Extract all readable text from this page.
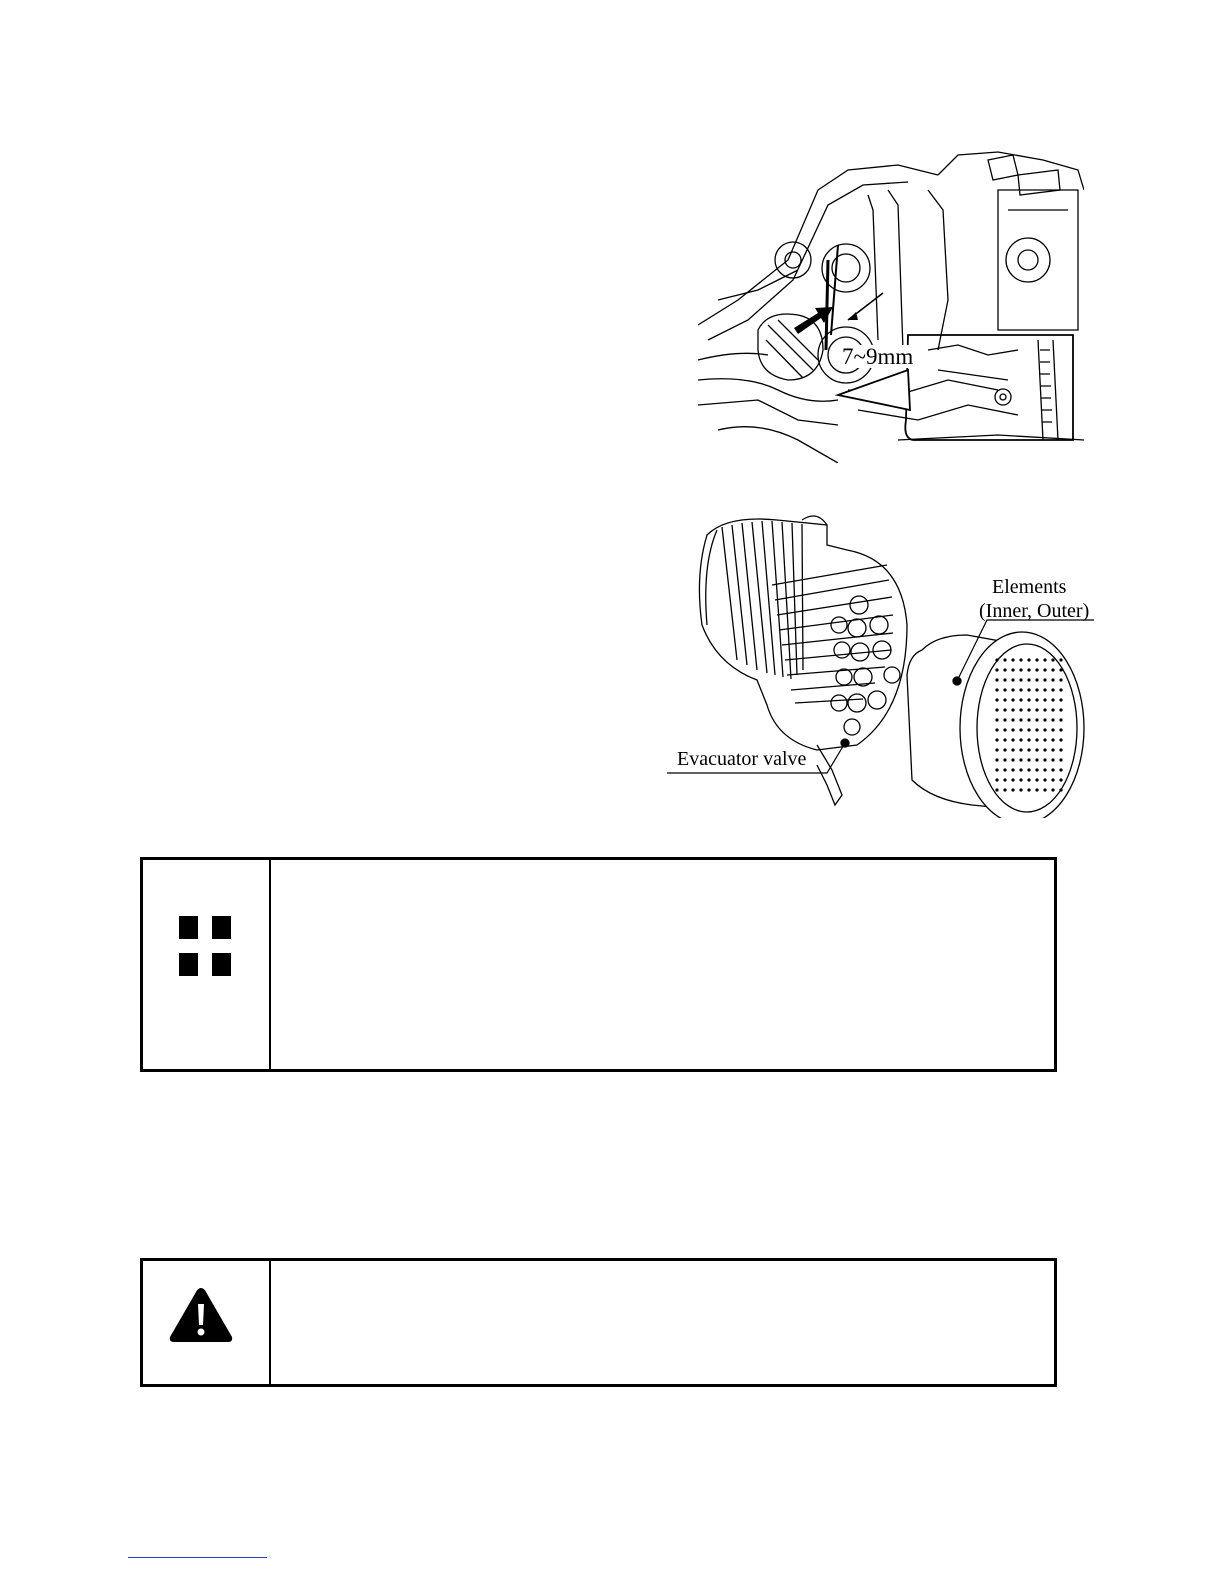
7~9mm
Elements
(Inner, Outer)
Evacuator valve
